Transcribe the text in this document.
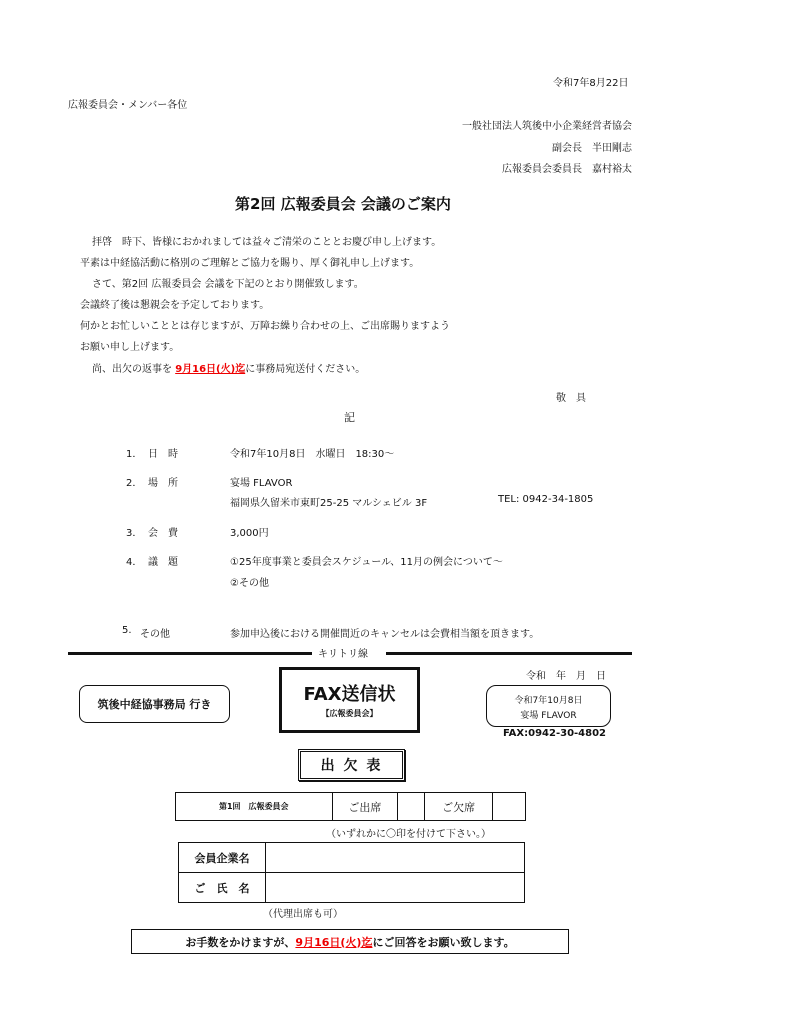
令和7年8月22日
広報委員会・メンバー各位
一般社団法人筑後中小企業経営者協会
副会長　半田剛志
広報委員会委員長　嘉村裕太
第2回 広報委員会 会議のご案内
拝啓　時下、皆様におかれましては益々ご清栄のこととお慶び申し上げます。
平素は中経協活動に格別のご理解とご協力を賜り、厚く御礼申し上げます。
さて、第2回 広報委員会 会議を下記のとおり開催致します。
会議終了後は懇親会を予定しております。
何かとお忙しいこととは存じますが、万障お繰り合わせの上、ご出席賜りますよう
お願い申し上げます。
尚、出欠の返事を 9月16日(火)迄に事務局宛送付ください。
敬　具
記
1． 日　時	令和7年10月8日　水曜日　18:30～
2． 場　所	宴場 FLAVOR
福岡県久留米市東町25-25 マルシェビル 3F	TEL: 0942-34-1805
3． 会　費	3,000円
4． 議　題	①25年度事業と委員会スケジュール、11月の例会について～
②その他
5. その他	参加申込後における開催間近のキャンセルは会費相当額を頂きます。
キリトリ線
令和　年　月　日
筑後中経協事務局 行き	FAX送信状
【広報委員会】
令和7年10月8日
宴場 FLAVOR
FAX:0942-30-4802
出 欠 表
第1回　広報委員会	ご出席		ご欠席	
（いずれかに〇印を付けて下さい。）
会員企業名	
ご　氏　名	
（代理出席も可）
お手数をかけますが、9月16日(火)迄にご回答をお願い致します。
